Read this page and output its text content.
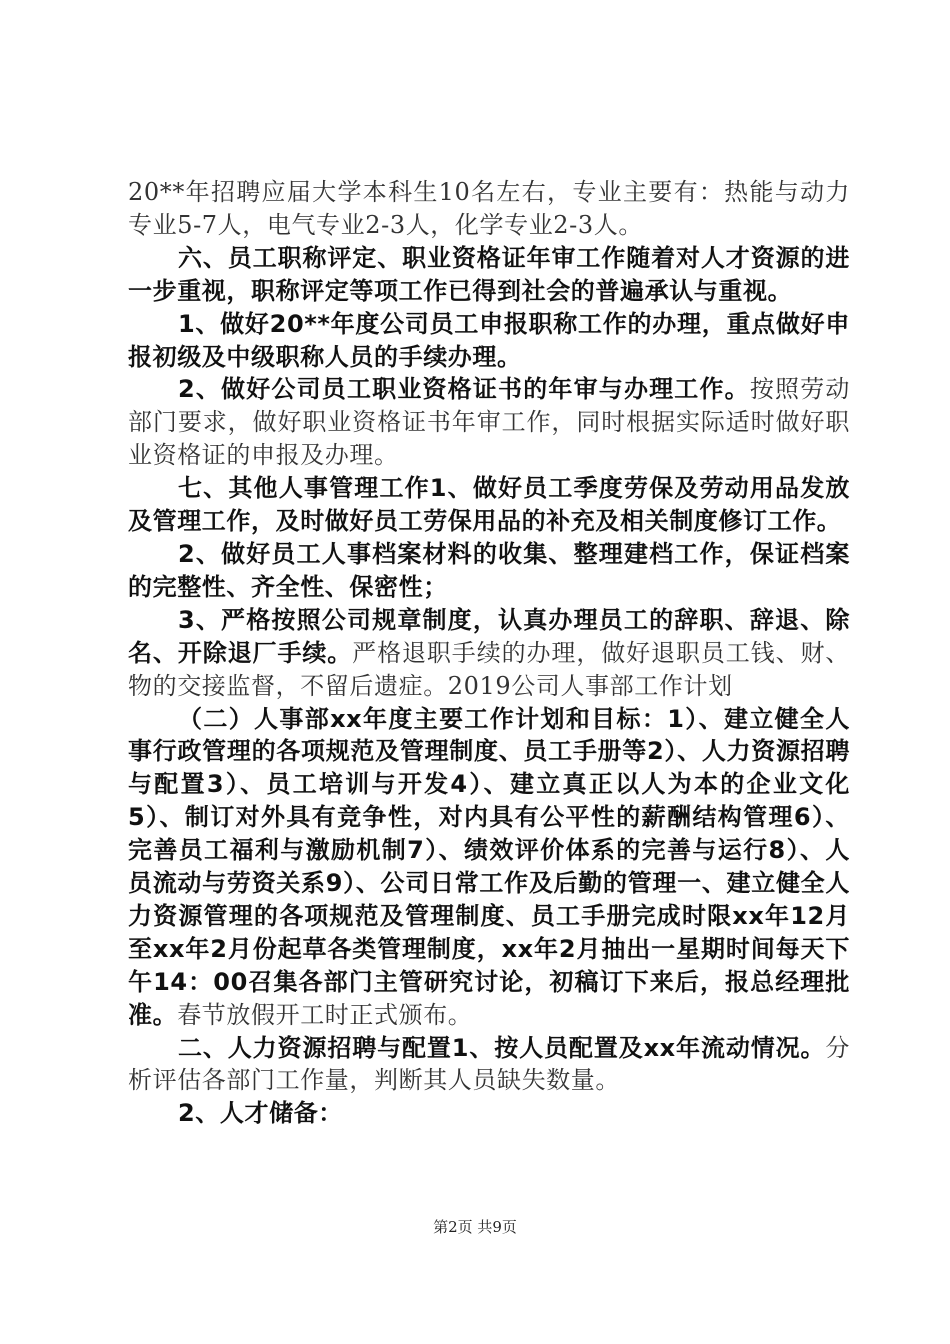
20**年招聘应届大学本科生10名左右，专业主要有：热能与动力专业5-7人，电气专业2-3人，化学专业2-3人。

六、员工职称评定、职业资格证年审工作随着对人才资源的进一步重视，职称评定等项工作已得到社会的普遍承认与重视。

1、做好20**年度公司员工申报职称工作的办理，重点做好申报初级及中级职称人员的手续办理。

2、做好公司员工职业资格证书的年审与办理工作。按照劳动部门要求，做好职业资格证书年审工作，同时根据实际适时做好职业资格证的申报及办理。

七、其他人事管理工作1、做好员工季度劳保及劳动用品发放及管理工作，及时做好员工劳保用品的补充及相关制度修订工作。

2、做好员工人事档案材料的收集、整理建档工作，保证档案的完整性、齐全性、保密性；

3、严格按照公司规章制度，认真办理员工的辞职、辞退、除名、开除退厂手续。严格退职手续的办理，做好退职员工钱、财、物的交接监督，不留后遗症。2019公司人事部工作计划

（二）人事部xx年度主要工作计划和目标：1）、建立健全人事行政管理的各项规范及管理制度、员工手册等2）、人力资源招聘与配置3）、员工培训与开发4）、建立真正以人为本的企业文化5）、制订对外具有竞争性，对内具有公平性的薪酬结构管理6）、完善员工福利与激励机制7）、绩效评价体系的完善与运行8）、人员流动与劳资关系9）、公司日常工作及后勤的管理一、建立健全人力资源管理的各项规范及管理制度、员工手册完成时限xx年12月至xx年2月份起草各类管理制度，xx年2月抽出一星期时间每天下午14：00召集各部门主管研究讨论，初稿订下来后，报总经理批准。春节放假开工时正式颁布。

二、人力资源招聘与配置1、按人员配置及xx年流动情况。分析评估各部门工作量，判断其人员缺失数量。

2、人才储备：

第2页 共9页
